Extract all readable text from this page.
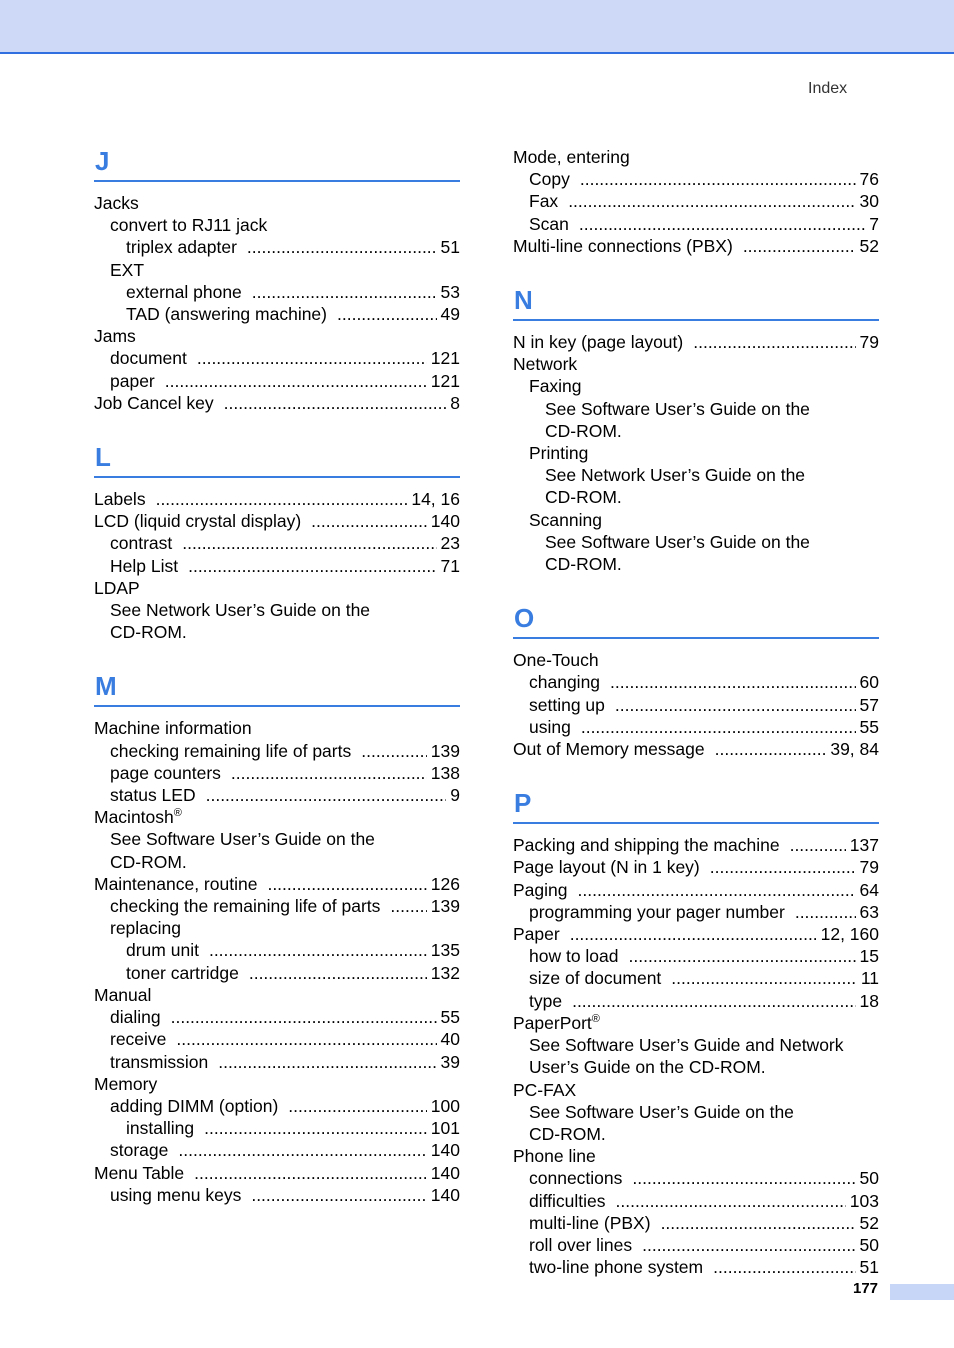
Index
J
Jacks
convert to RJ11 jack
triplex adapter .....	51
EXT
external phone .....	53
TAD (answering machine) .....	49
Jams
document .....	121
paper .....	121
Job Cancel key .....	8
L
Labels .....	14, 16
LCD (liquid crystal display) .....	140
contrast .....	23
Help List .....	71
LDAP
See Network User’s Guide on the
CD-ROM.
M
Machine information
checking remaining life of parts .....	139
page counters .....	138
status LED .....	9
Macintosh®
See Software User’s Guide on the
CD-ROM.
Maintenance, routine .....	126
checking the remaining life of parts .....	139
replacing
drum unit .....	135
toner cartridge .....	132
Manual
dialing .....	55
receive .....	40
transmission .....	39
Memory
adding DIMM (option) .....	100
installing .....	101
storage .....	140
Menu Table .....	140
using menu keys .....	140
Mode, entering
Copy .....	76
Fax .....	30
Scan .....	7
Multi-line connections (PBX) .....	52
N
N in key (page layout) .....	79
Network
Faxing
See Software User’s Guide on the
CD-ROM.
Printing
See Network User’s Guide on the
CD-ROM.
Scanning
See Software User’s Guide on the
CD-ROM.
O
One-Touch
changing .....	60
setting up .....	57
using .....	55
Out of Memory message .....	39, 84
P
Packing and shipping the machine .....	137
Page layout (N in 1 key) .....	79
Paging .....	64
programming your pager number .....	63
Paper .....	12, 160
how to load .....	15
size of document .....	11
type .....	18
PaperPort®
See Software User’s Guide and Network
User’s Guide on the CD-ROM.
PC-FAX
See Software User’s Guide on the
CD-ROM.
Phone line
connections .....	50
difficulties .....	103
multi-line (PBX) .....	52
roll over lines .....	50
two-line phone system .....	51
177
